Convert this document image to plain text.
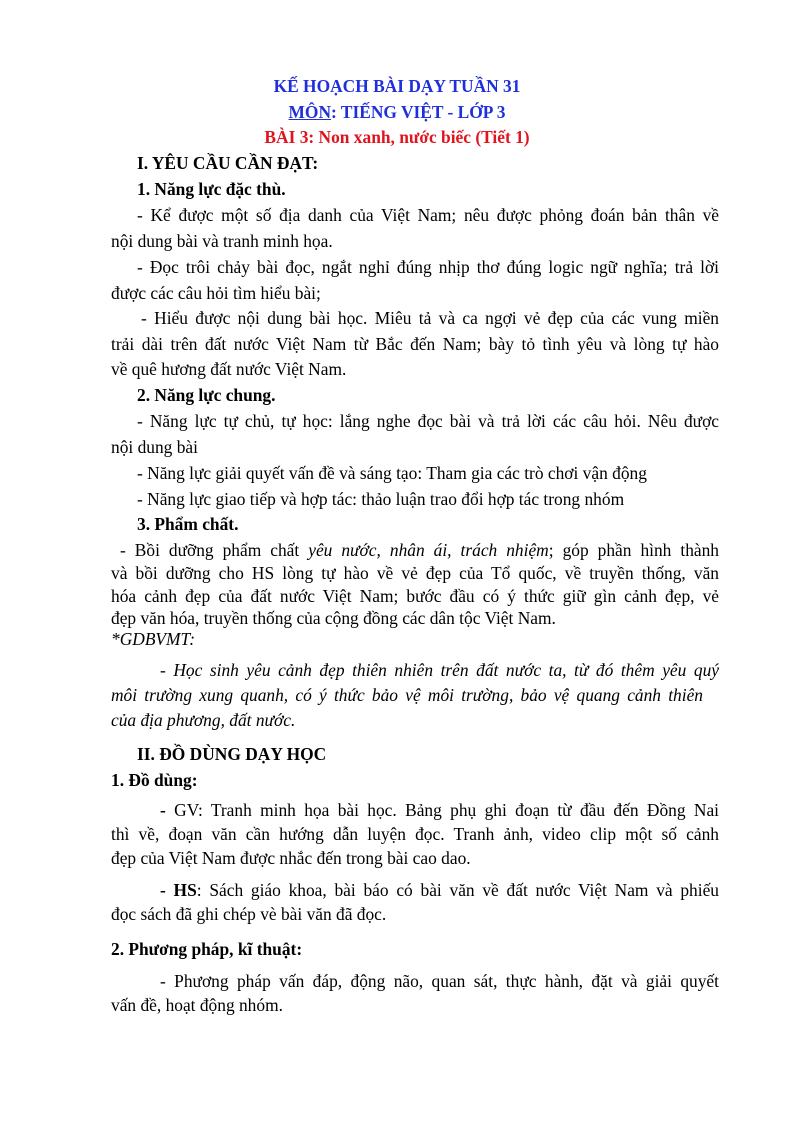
KẾ HOẠCH BÀI DẠY TUẦN 31
MÔN: TIẾNG VIỆT - LỚP 3
BÀI 3: Non xanh, nước biếc (Tiết 1)
I. YÊU CẦU CẦN ĐẠT:
1. Năng lực đặc thù.
- Kể được một số địa danh của Việt Nam; nêu được phỏng đoán bản thân về
nội dung bài và tranh minh họa.
- Đọc trôi chảy bài đọc, ngắt nghỉ đúng nhịp thơ đúng logic ngữ nghĩa; trả lời
được các câu hỏi tìm hiểu bài;
- Hiểu được nội dung bài học. Miêu tả và ca ngợi vẻ đẹp của các vung miền
trải dài trên đất nước Việt Nam từ Bắc đến Nam; bày tỏ tình yêu và lòng tự hào
về quê hương đất nước Việt Nam.
2. Năng lực chung.
- Năng lực tự chủ, tự học: lắng nghe đọc bài và trả lời các câu hỏi. Nêu được
nội dung bài
- Năng lực giải quyết vấn đề và sáng tạo: Tham gia các trò chơi vận động
- Năng lực giao tiếp và hợp tác: thảo luận trao đổi hợp tác trong nhóm
3. Phẩm chất.
- Bồi dưỡng phẩm chất yêu nước, nhân ái, trách nhiệm; góp phần hình thành
và bồi dưỡng cho HS lòng tự hào về vẻ đẹp của Tổ quốc, về truyền thống, văn
hóa cảnh đẹp của đất nước Việt Nam; bước đầu có ý thức giữ gìn cảnh đẹp, vẻ
đẹp văn hóa, truyền thống của cộng đồng các dân tộc Việt Nam.
*GDBVMT:
- Học sinh yêu cảnh đẹp thiên nhiên trên đất nước ta, từ đó thêm yêu quý
môi trường xung quanh, có ý thức bảo vệ môi trường, bảo vệ quang cảnh thiên
của địa phương, đất nước.
II. ĐỒ DÙNG DẠY HỌC
1. Đồ dùng:
- GV: Tranh minh họa bài học. Bảng phụ ghi đoạn từ đầu đến Đồng Nai
thì về, đoạn văn cần hướng dẫn luyện đọc. Tranh ảnh, video clip một số cảnh
đẹp của Việt Nam được nhắc đến trong bài cao dao.
- HS: Sách giáo khoa, bài báo có bài văn về đất nước Việt Nam và phiếu
đọc sách đã ghi chép vè bài văn đã đọc.
2. Phương pháp, kĩ thuật:
- Phương pháp vấn đáp, động não, quan sát, thực hành, đặt và giải quyết
vấn đề, hoạt động nhóm.
